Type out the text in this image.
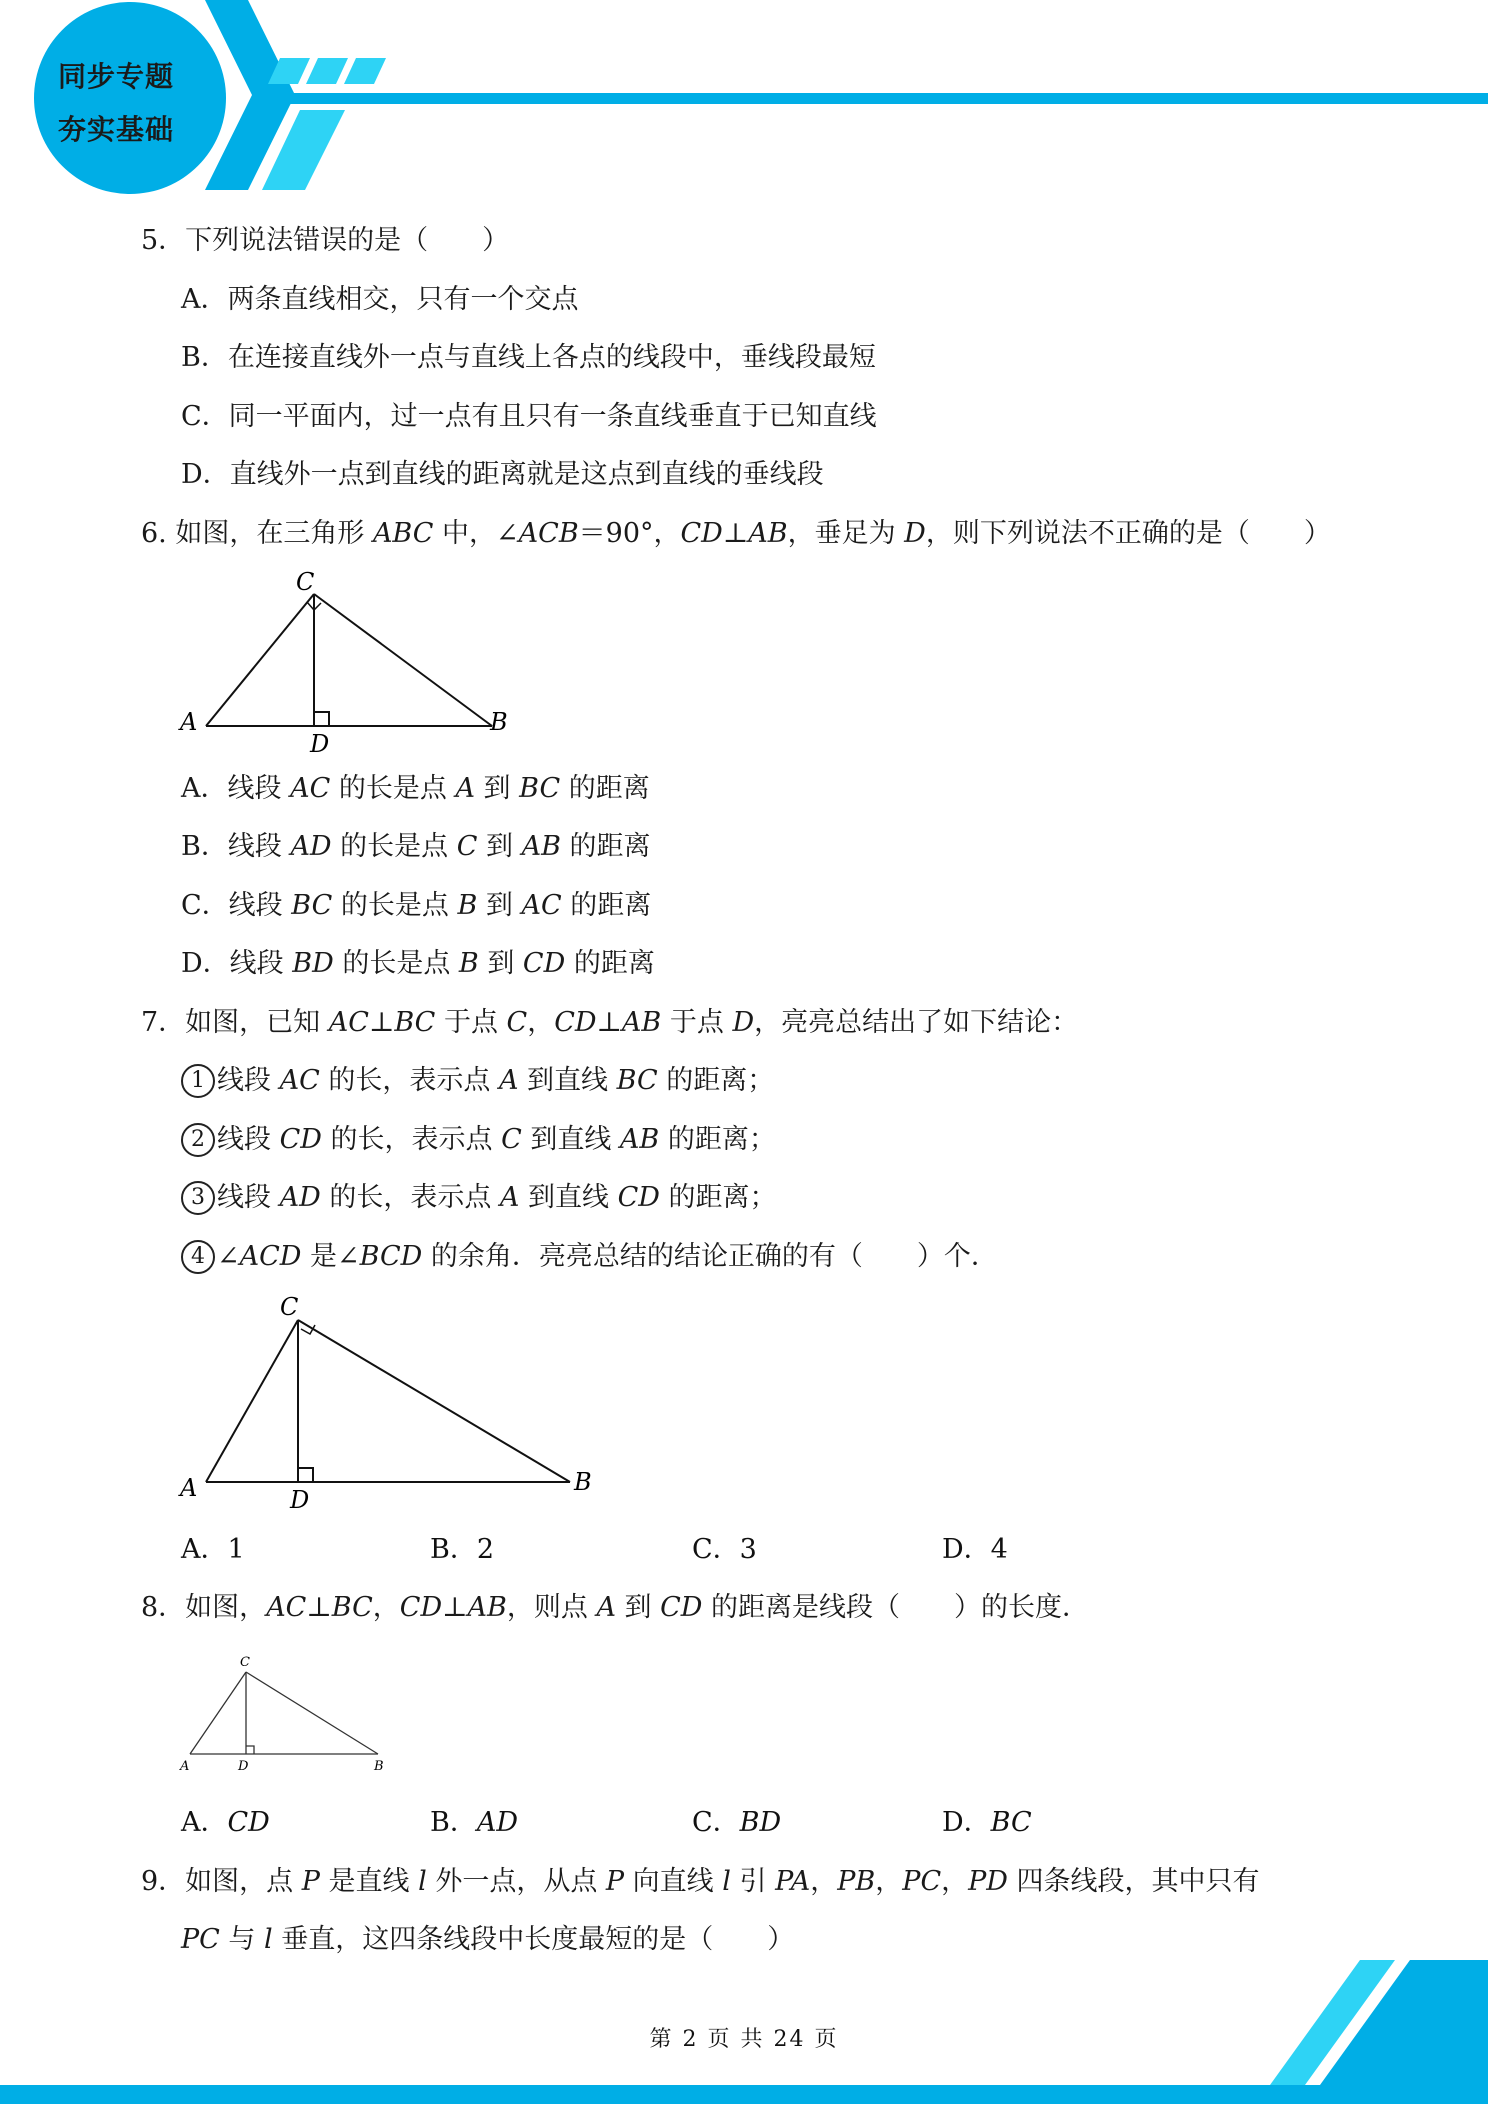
同步专题
夯实基础
5．下列说法错误的是（　　）
A．两条直线相交，只有一个交点
B．在连接直线外一点与直线上各点的线段中，垂线段最短
C．同一平面内，过一点有且只有一条直线垂直于已知直线
D．直线外一点到直线的距离就是这点到直线的垂线段
6. 如图，在三角形 ABC 中，∠ACB＝90°，CD⊥AB，垂足为 D，则下列说法不正确的是（　　）
C
A	B
D
A．线段 AC 的长是点 A 到 BC 的距离
B．线段 AD 的长是点 C 到 AB 的距离
C．线段 BC 的长是点 B 到 AC 的距离
D．线段 BD 的长是点 B 到 CD 的距离
7．如图，已知 AC⊥BC 于点 C，CD⊥AB 于点 D，亮亮总结出了如下结论：
1 线段 AC 的长，表示点 A 到直线 BC 的距离；
2 线段 CD 的长，表示点 C 到直线 AB 的距离；
3 线段 AD 的长，表示点 A 到直线 CD 的距离；
4 ∠ACD 是∠BCD 的余角．亮亮总结的结论正确的有（　　）个．
C
A	B
D
A．1	B．2	C．3	D．4
8．如图，AC⊥BC，CD⊥AB，则点 A 到 CD 的距离是线段（　　）的长度．
C
A	B
D
A．CD	B．AD	C．BD	D．BC
9．如图，点 P 是直线 l 外一点，从点 P 向直线 l 引 PA，PB，PC，PD 四条线段，其中只有
PC 与 l 垂直，这四条线段中长度最短的是（　　）
第 2 页 共 24 页
